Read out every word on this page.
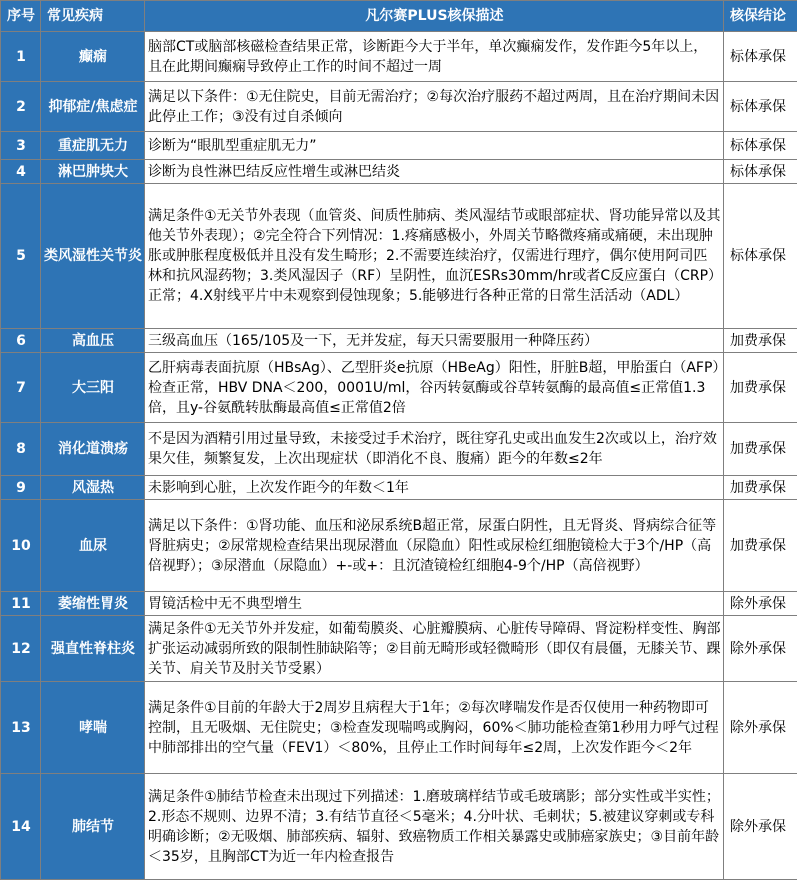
序号	常见疾病	凡尔赛PLUS核保描述	核保结论
1	癫痫	脑部CT或脑部核磁检查结果正常，诊断距今大于半年，单次癫痫发作，发作距今5年以上，且在此期间癫痫导致停止工作的时间不超过一周	标体承保
2	抑郁症/焦虑症	满足以下条件：①无住院史，目前无需治疗；②每次治疗服药不超过两周，且在治疗期间未因此停止工作；③没有过自杀倾向	标体承保
3	重症肌无力	诊断为“眼肌型重症肌无力”	标体承保
4	淋巴肿块大	诊断为良性淋巴结反应性增生或淋巴结炎	标体承保
5	类风湿性关节炎	满足条件①无关节外表现（血管炎、间质性肺病、类风湿结节或眼部症状、肾功能异常以及其他关节外表现）；②完全符合下列情况：1.疼痛感极小，外周关节略微疼痛或痛硬，未出现肿胀或肿胀程度极低并且没有发生畸形；2.不需要连续治疗，仅需进行理疗，偶尔使用阿司匹林和抗风湿药物；3.类风湿因子（RF）呈阴性，血沉ESRs30mm/hr或者C反应蛋白（CRP）正常；4.X射线平片中未观察到侵蚀现象；5.能够进行各种正常的日常生活活动（ADL）	标体承保
6	高血压	三级高血压（165/105及一下，无并发症，每天只需要服用一种降压药）	加费承保
7	大三阳	乙肝病毒表面抗原（HBsAg）、乙型肝炎e抗原（HBeAg）阳性，肝脏B超，甲胎蛋白（AFP）检查正常，HBV DNA＜200，0001U/ml，谷丙转氨酶或谷草转氨酶的最高值≤正常值1.3倍，且y-谷氨酰转肽酶最高值≤正常值2倍	加费承保
8	消化道溃疡	不是因为酒精引用过量导致，未接受过手术治疗，既往穿孔史或出血发生2次或以上，治疗效果欠佳，频繁复发，上次出现症状（即消化不良、腹痛）距今的年数≤2年	加费承保
9	风湿热	未影响到心脏，上次发作距今的年数＜1年	加费承保
10	血尿	满足以下条件：①肾功能、血压和泌尿系统B超正常，尿蛋白阴性，且无肾炎、肾病综合征等肾脏病史；②尿常规检查结果出现尿潜血（尿隐血）阳性或尿检红细胞镜检大于3个/HP（高倍视野）；③尿潜血（尿隐血）+-或+：且沉渣镜检红细胞4-9个/HP（高倍视野）	加费承保
11	萎缩性胃炎	胃镜活检中无不典型增生	除外承保
12	强直性脊柱炎	满足条件①无关节外并发症，如葡萄膜炎、心脏瓣膜病、心脏传导障碍、肾淀粉样变性、胸部扩张运动减弱所致的限制性肺缺陷等；②目前无畸形或轻微畸形（即仅有晨僵，无膝关节、踝关节、肩关节及肘关节受累）	除外承保
13	哮喘	满足条件①目前的年龄大于2周岁且病程大于1年；②每次哮喘发作是否仅使用一种药物即可控制，且无吸烟、无住院史；③检查发现喘鸣或胸闷，60%＜肺功能检查第1秒用力呼气过程中肺部排出的空气量（FEV1）＜80%，且停止工作时间每年≤2周，上次发作距今＜2年	除外承保
14	肺结节	满足条件①肺结节检查未出现过下列描述：1.磨玻璃样结节或毛玻璃影；部分实性或半实性；2.形态不规则、边界不清；3.有结节直径＜5毫米；4.分叶状、毛刺状；5.被建议穿刺或专科明确诊断；②无吸烟、肺部疾病、辐射、致癌物质工作相关暴露史或肺癌家族史；③目前年龄＜35岁，且胸部CT为近一年内检查报告	除外承保
